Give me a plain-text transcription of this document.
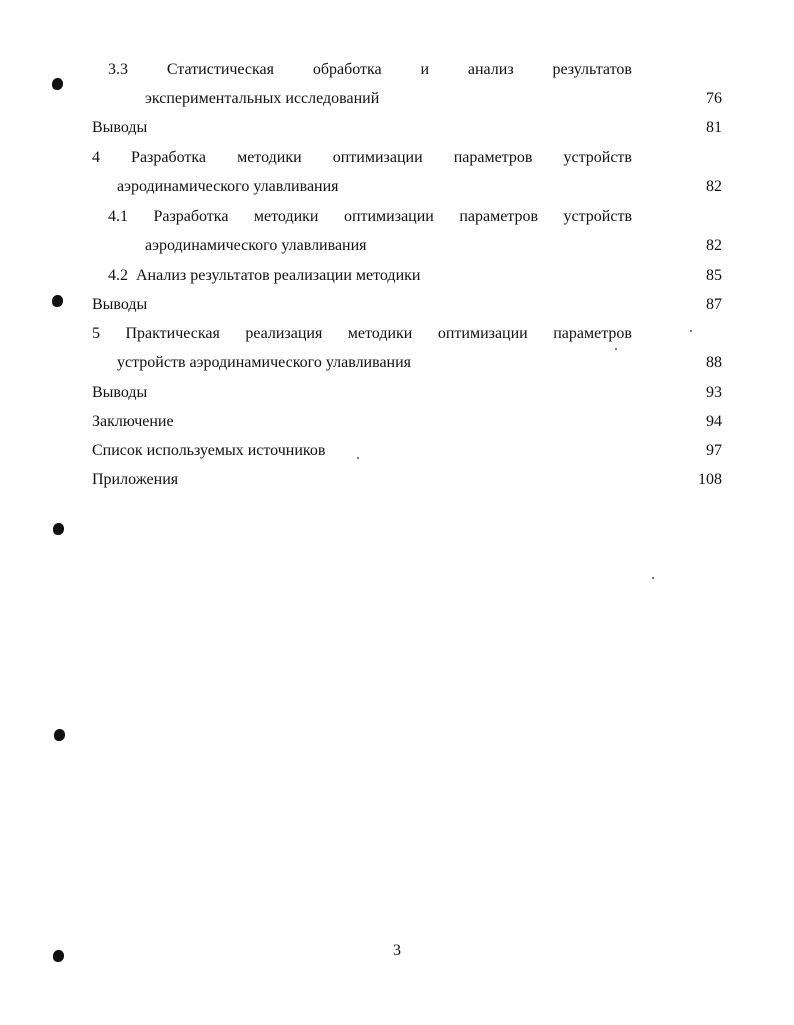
3.3 Статистическая обработка и анализ результатов
экспериментальных исследований	76
Выводы	81
4 Разработка методики оптимизации параметров устройств
аэродинамического улавливания	82
4.1 Разработка методики оптимизации параметров устройств
аэродинамического улавливания	82
4.2 Анализ результатов реализации методики	85
Выводы	87
5 Практическая реализация методики оптимизации параметров
устройств аэродинамического улавливания	88
Выводы	93
Заключение	94
Список используемых источников	97
Приложения	108
3
